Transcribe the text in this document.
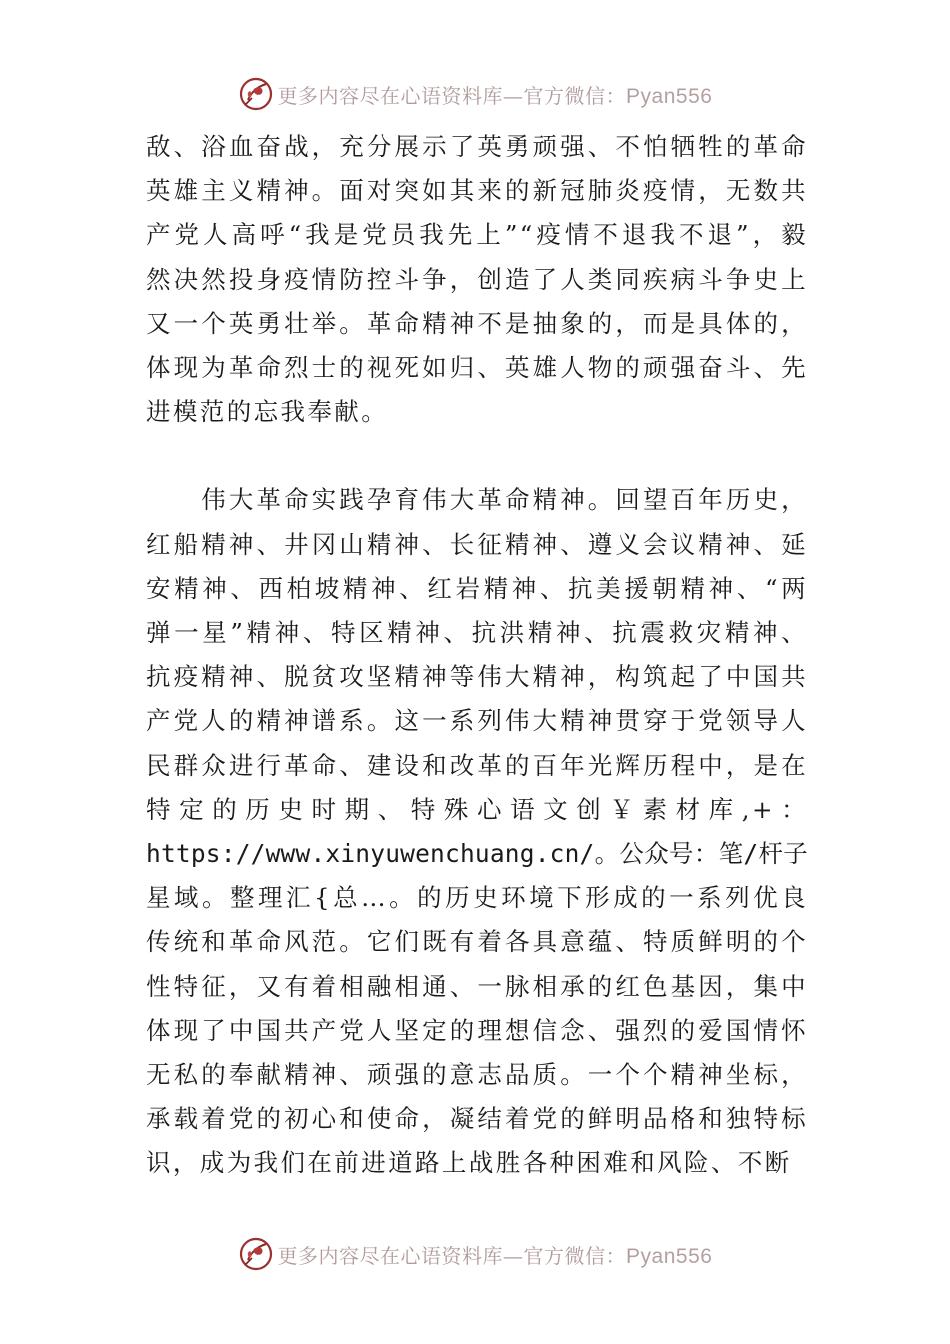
更多内容尽在心语资料库—官方微信：Pyan556

敌、浴血奋战，充分展示了英勇顽强、不怕牺牲的革命
英雄主义精神。面对突如其来的新冠肺炎疫情，无数共
产党人高呼“我是党员我先上”“疫情不退我不退”，毅
然决然投身疫情防控斗争，创造了人类同疾病斗争史上
又一个英勇壮举。革命精神不是抽象的，而是具体的，
体现为革命烈士的视死如归、英雄人物的顽强奋斗、先
进模范的忘我奉献。

　　伟大革命实践孕育伟大革命精神。回望百年历史，
红船精神、井冈山精神、长征精神、遵义会议精神、延
安精神、西柏坡精神、红岩精神、抗美援朝精神、“两
弹一星”精神、特区精神、抗洪精神、抗震救灾精神、
抗疫精神、脱贫攻坚精神等伟大精神，构筑起了中国共
产党人的精神谱系。这一系列伟大精神贯穿于党领导人
民群众进行革命、建设和改革的百年光辉历程中，是在
特定的历史时期、特殊心语文创￥素材库,+：
https://www.xinyuwenchuang.cn/。公众号：笔/杆子
星域。整理汇{总…。的历史环境下形成的一系列优良
传统和革命风范。它们既有着各具意蕴、特质鲜明的个
性特征，又有着相融相通、一脉相承的红色基因，集中
体现了中国共产党人坚定的理想信念、强烈的爱国情怀
无私的奉献精神、顽强的意志品质。一个个精神坐标，
承载着党的初心和使命，凝结着党的鲜明品格和独特标
识，成为我们在前进道路上战胜各种困难和风险、不断

更多内容尽在心语资料库—官方微信：Pyan556
